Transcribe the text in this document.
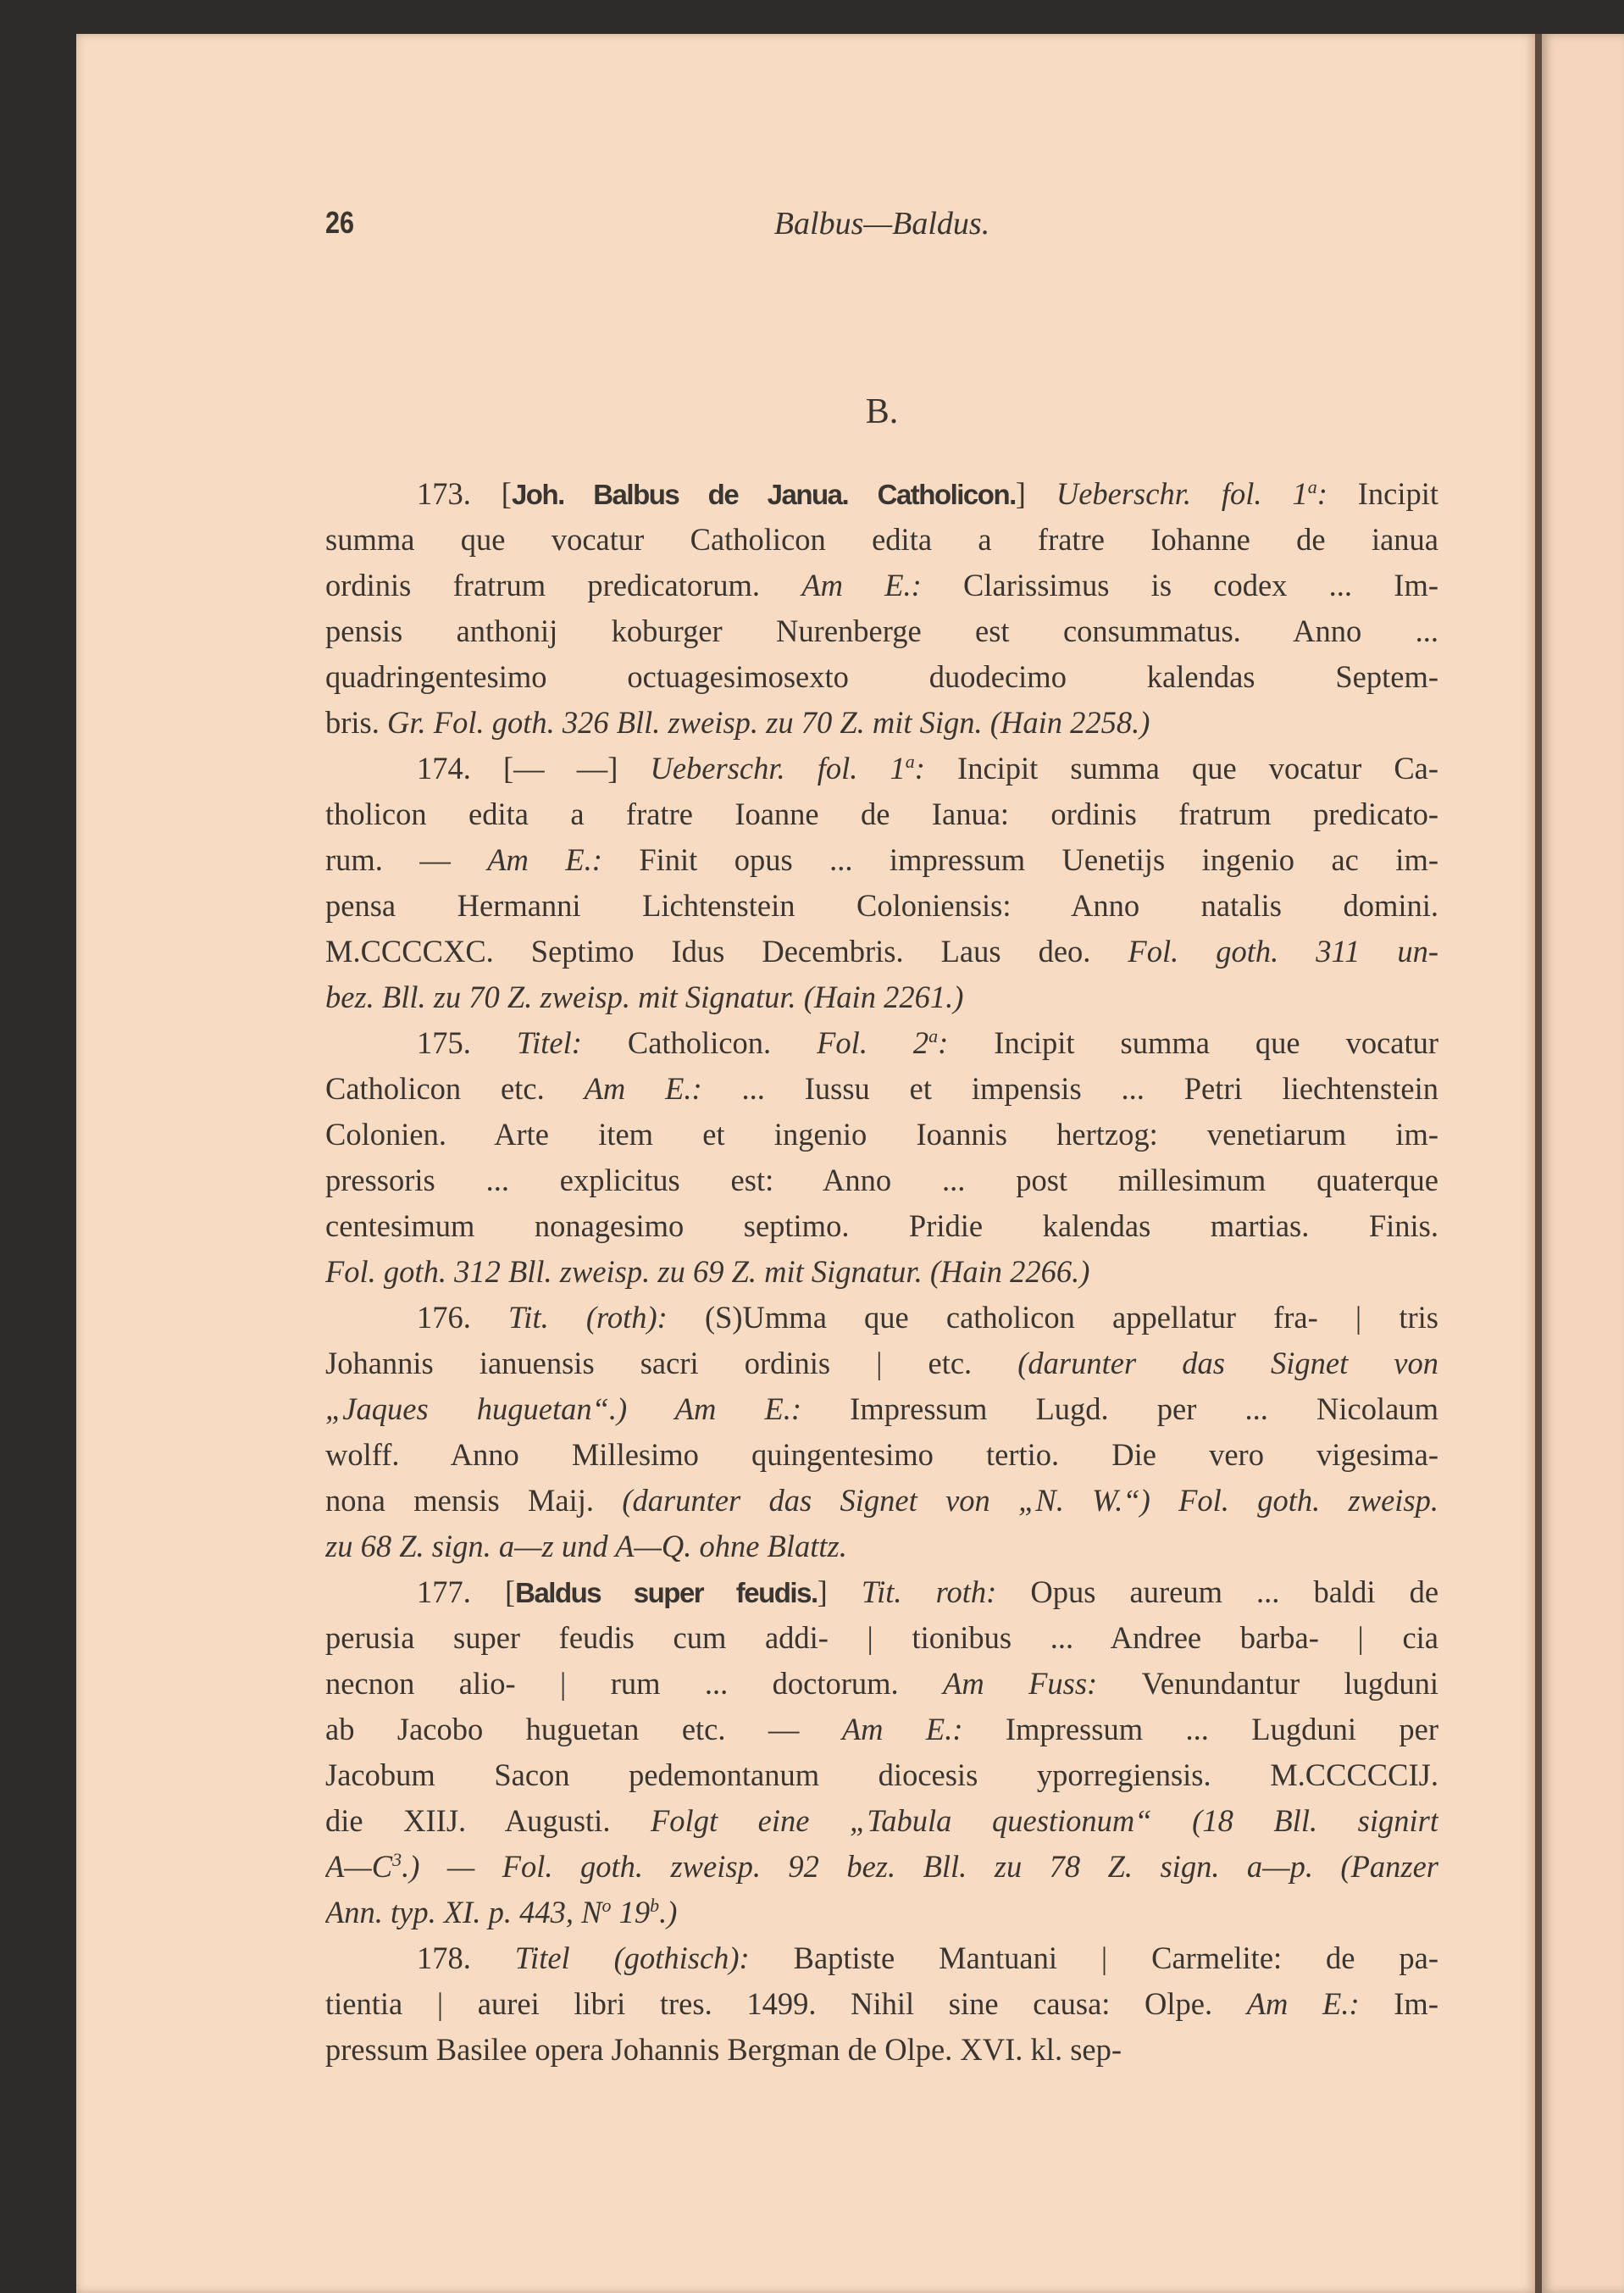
26	Balbus—Baldus.
B.
173. [Joh. Balbus de Janua. Catholicon.] Ueberschr. fol. 1$^a$: Incipit
summa que vocatur Catholicon edita a fratre Iohanne de ianua
ordinis fratrum predicatorum. Am E.: Clarissimus is codex ... Im-
pensis anthonij koburger Nurenberge est consummatus. Anno ...
quadringentesimo octuagesimosexto duodecimo kalendas Septem-
bris. Gr. Fol. goth. 326 Bll. zweisp. zu 70 Z. mit Sign. (Hain 2258.)
174. [— —] Ueberschr. fol. 1$^a$: Incipit summa que vocatur Ca-
tholicon edita a fratre Ioanne de Ianua: ordinis fratrum predicato-
rum. — Am E.: Finit opus ... impressum Uenetijs ingenio ac im-
pensa Hermanni Lichtenstein Coloniensis: Anno natalis domini.
M.CCCCXC. Septimo Idus Decembris. Laus deo. Fol. goth. 311 un-
bez. Bll. zu 70 Z. zweisp. mit Signatur. (Hain 2261.)
175. Titel: Catholicon. Fol. 2$^a$: Incipit summa que vocatur
Catholicon etc. Am E.: ... Iussu et impensis ... Petri liechtenstein
Colonien. Arte item et ingenio Ioannis hertzog: venetiarum im-
pressoris ... explicitus est: Anno ... post millesimum quaterque
centesimum nonagesimo septimo. Pridie kalendas martias. Finis.
Fol. goth. 312 Bll. zweisp. zu 69 Z. mit Signatur. (Hain 2266.)
176. Tit. (roth): (S)Umma que catholicon appellatur fra- | tris
Johannis ianuensis sacri ordinis | etc. (darunter das Signet von
„Jaques huguetan“.) Am E.: Impressum Lugd. per ... Nicolaum
wolff. Anno Millesimo quingentesimo tertio. Die vero vigesima-
nona mensis Maij. (darunter das Signet von „N. W.“) Fol. goth. zweisp.
zu 68 Z. sign. a—z und A—Q. ohne Blattz.
177. [Baldus super feudis.] Tit. roth: Opus aureum ... baldi de
perusia super feudis cum addi- | tionibus ... Andree barba- | cia
necnon alio- | rum ... doctorum. Am Fuss: Venundantur lugduni
ab Jacobo huguetan etc. — Am E.: Impressum ... Lugduni per
Jacobum Sacon pedemontanum diocesis yporregiensis. M.CCCCCIJ.
die XIIJ. Augusti. Folgt eine „Tabula questionum“ (18 Bll. signirt
$A—C^3$.) — Fol. goth. zweisp. 92 bez. Bll. zu 78 Z. sign. a—p. (Panzer
Ann. typ. XI. p. 443, $N^o$ 19$^b$.)
178. Titel (gothisch): Baptiste Mantuani | Carmelite: de pa-
tientia | aurei libri tres. 1499. Nihil sine causa: Olpe. Am E.: Im-
pressum Basilee opera Johannis Bergman de Olpe. XVI. kl. sep-
